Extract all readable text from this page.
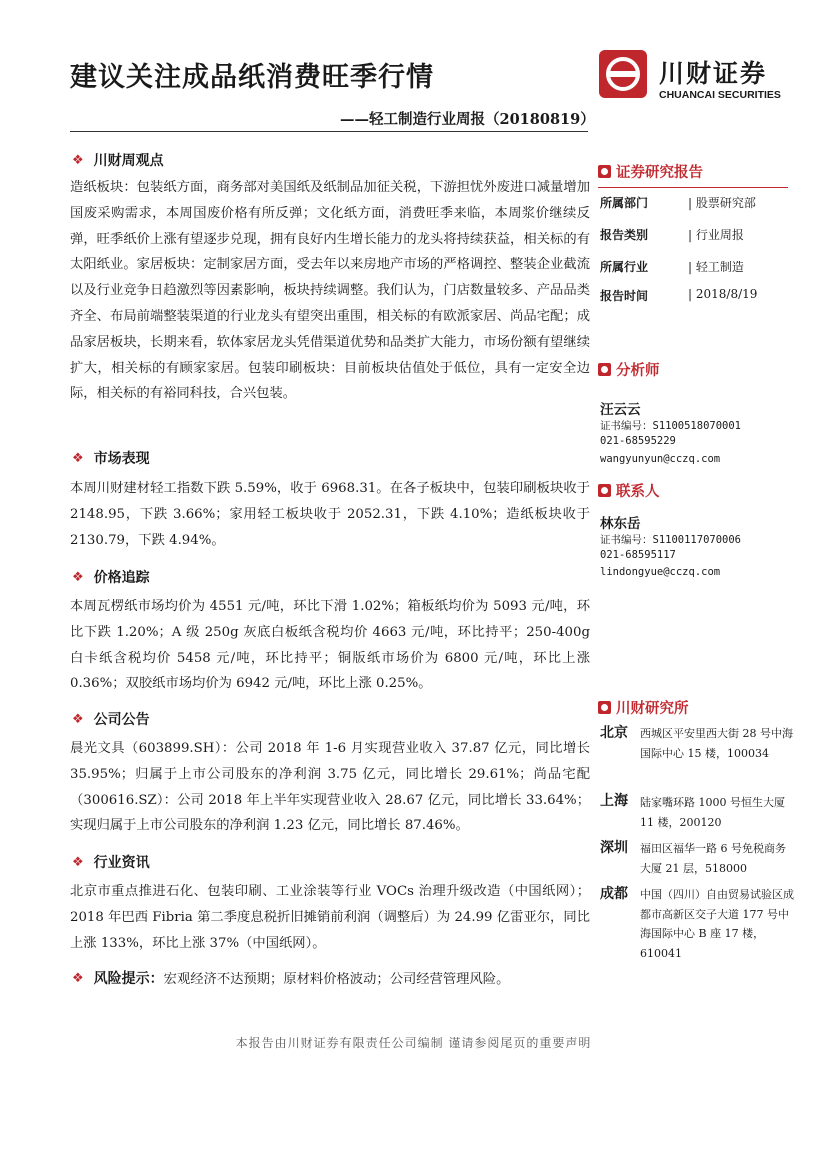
建议关注成品纸消费旺季行情
——轻工制造行业周报（20180819）
川财证券
CHUANCAI SECURITIES
❖ 川财周观点
造纸板块：包装纸方面，商务部对美国纸及纸制品加征关税，下游担忧外废进口减量增加国废采购需求，本周国废价格有所反弹；文化纸方面，消费旺季来临，本周浆价继续反弹，旺季纸价上涨有望逐步兑现，拥有良好内生增长能力的龙头将持续获益，相关标的有太阳纸业。家居板块：定制家居方面，受去年以来房地产市场的严格调控、整装企业截流以及行业竞争日趋激烈等因素影响，板块持续调整。我们认为，门店数量较多、产品品类齐全、布局前端整装渠道的行业龙头有望突出重围，相关标的有欧派家居、尚品宅配；成品家居板块，长期来看，软体家居龙头凭借渠道优势和品类扩大能力，市场份额有望继续扩大，相关标的有顾家家居。包装印刷板块：目前板块估值处于低位，具有一定安全边际，相关标的有裕同科技，合兴包装。
❖ 市场表现
本周川财建材轻工指数下跌 5.59%，收于 6968.31。在各子板块中，包装印刷板块收于 2148.95，下跌 3.66%；家用轻工板块收于 2052.31，下跌 4.10%；造纸板块收于 2130.79，下跌 4.94%。
❖ 价格追踪
本周瓦楞纸市场均价为 4551 元/吨，环比下滑 1.02%；箱板纸均价为 5093 元/吨，环比下跌 1.20%；A 级 250g 灰底白板纸含税均价 4663 元/吨，环比持平；250-400g 白卡纸含税均价 5458 元/吨，环比持平；铜版纸市场价为 6800 元/吨，环比上涨 0.36%；双胶纸市场均价为 6942 元/吨，环比上涨 0.25%。
❖ 公司公告
晨光文具（603899.SH）：公司 2018 年 1-6 月实现营业收入 37.87 亿元，同比增长 35.95%；归属于上市公司股东的净利润 3.75 亿元，同比增长 29.61%；尚品宅配（300616.SZ）：公司 2018 年上半年实现营业收入 28.67 亿元，同比增长 33.64%；实现归属于上市公司股东的净利润 1.23 亿元，同比增长 87.46%。
❖ 行业资讯
北京市重点推进石化、包装印刷、工业涂装等行业 VOCs 治理升级改造（中国纸网）；2018 年巴西 Fibria 第二季度息税折旧摊销前利润（调整后）为 24.99 亿雷亚尔，同比上涨 133%，环比上涨 37%（中国纸网）。
❖ 风险提示：宏观经济不达预期；原材料价格波动；公司经营管理风险。
证券研究报告
所属部门	| 股票研究部
报告类别	| 行业周报
所属行业	| 轻工制造
报告时间	| 2018/8/19
分析师
汪云云
证书编号：S1100518070001
021-68595229
wangyunyun@cczq.com
联系人
林东岳
证书编号：S1100117070006
021-68595117
lindongyue@cczq.com
川财研究所
北京 西城区平安里西大街 28 号中海国际中心 15 楼，100034
上海 陆家嘴环路 1000 号恒生大厦 11 楼，200120
深圳 福田区福华一路 6 号免税商务大厦 21 层，518000
成都 中国（四川）自由贸易试验区成都市高新区交子大道 177 号中海国际中心 B 座 17 楼，610041
本报告由川财证券有限责任公司编制 谨请参阅尾页的重要声明
